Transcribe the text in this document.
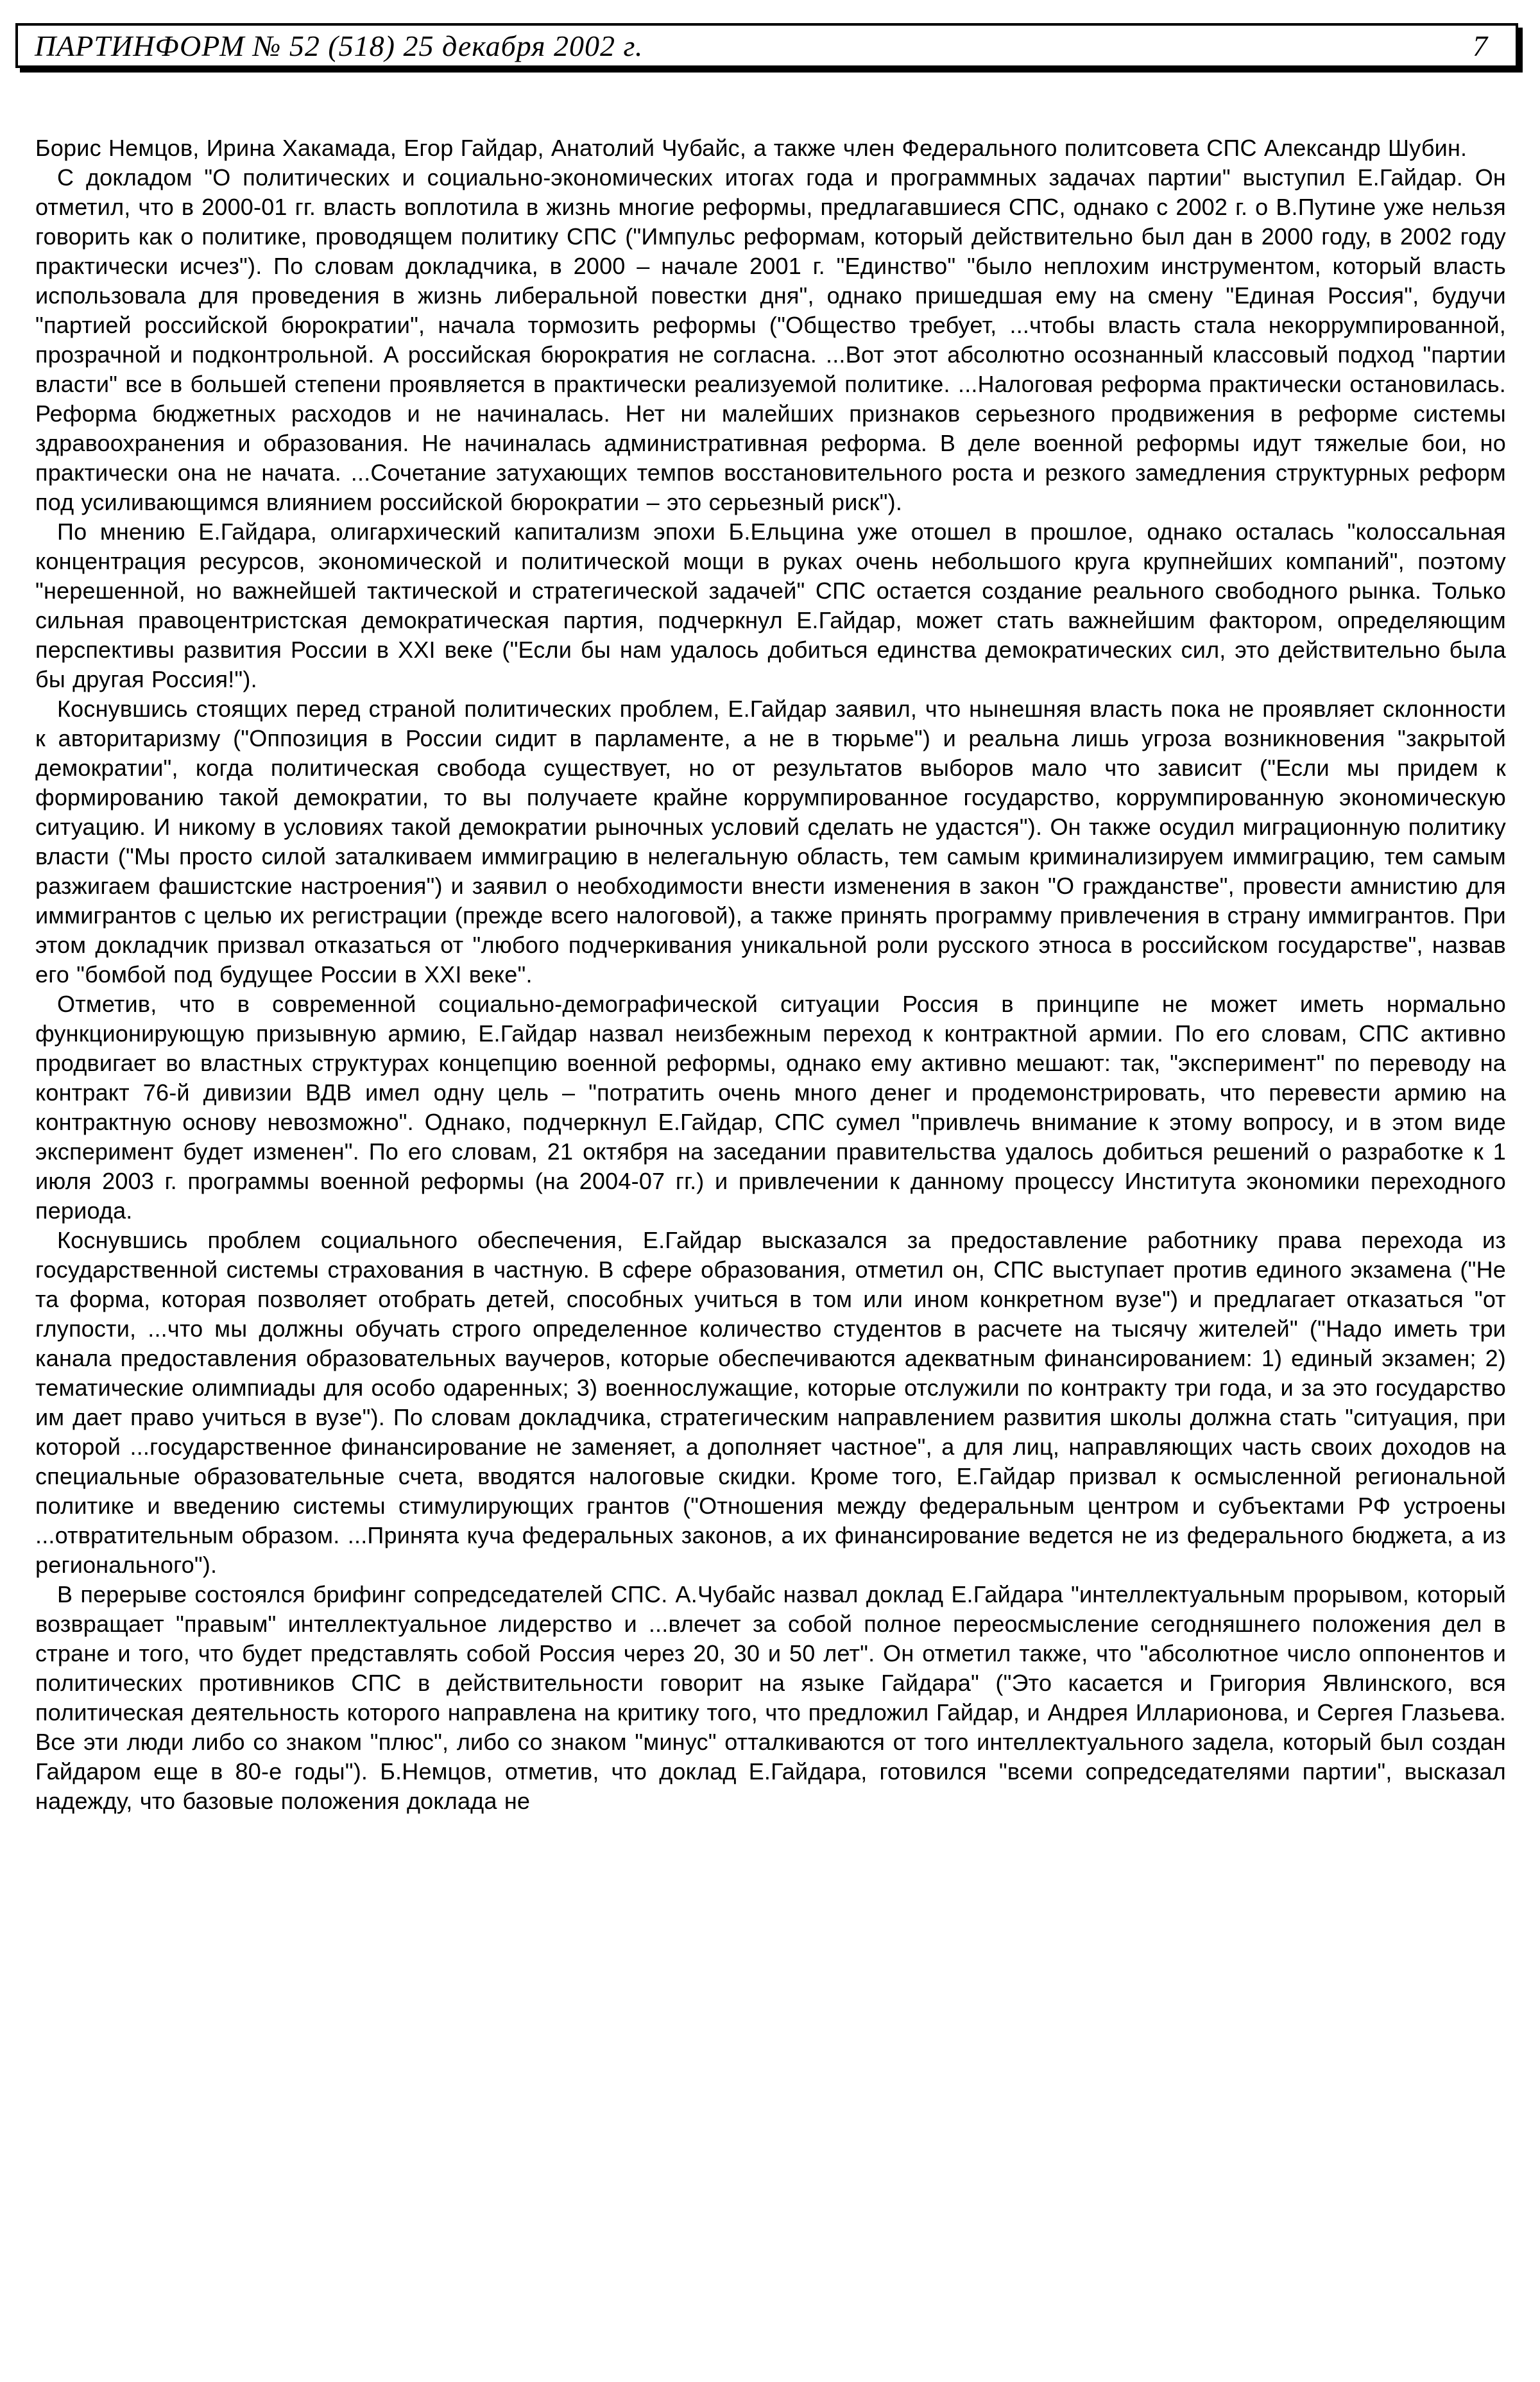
ПАРТИНФОРМ № 52 (518) 25 декабря 2002 г.	7

Борис Немцов, Ирина Хакамада, Егор Гайдар, Анатолий Чубайс, а также член Федерального политсовета СПС Александр Шубин.

С докладом "О политических и социально-экономических итогах года и программных задачах партии" выступил Е.Гайдар. Он отметил, что в 2000-01 гг. власть воплотила в жизнь многие реформы, предлагавшиеся СПС, однако с 2002 г. о В.Путине уже нельзя говорить как о политике, проводящем политику СПС ("Импульс реформам, который действительно был дан в 2000 году, в 2002 году практически исчез"). По словам докладчика, в 2000 – начале 2001 г. "Единство" "было неплохим инструментом, который власть использовала для проведения в жизнь либеральной повестки дня", однако пришедшая ему на смену "Единая Россия", будучи "партией российской бюрократии", начала тормозить реформы ("Общество требует, ...чтобы власть стала некоррумпированной, прозрачной и подконтрольной. А российская бюрократия не согласна. ...Вот этот абсолютно осознанный классовый подход "партии власти" все в большей степени проявляется в практически реализуемой политике. ...Налоговая реформа практически остановилась. Реформа бюджетных расходов и не начиналась. Нет ни малейших признаков серьезного продвижения в реформе системы здравоохранения и образования. Не начиналась административная реформа. В деле военной реформы идут тяжелые бои, но практически она не начата. ...Сочетание затухающих темпов восстановительного роста и резкого замедления структурных реформ под усиливающимся влиянием российской бюрократии – это серьезный риск").

По мнению Е.Гайдара, олигархический капитализм эпохи Б.Ельцина уже отошел в прошлое, однако осталась "колоссальная концентрация ресурсов, экономической и политической мощи в руках очень небольшого круга крупнейших компаний", поэтому "нерешенной, но важнейшей тактической и стратегической задачей" СПС остается создание реального свободного рынка. Только сильная правоцентристская демократическая партия, подчеркнул Е.Гайдар, может стать важнейшим фактором, определяющим перспективы развития России в XXI веке ("Если бы нам удалось добиться единства демократических сил, это действительно была бы другая Россия!").

Коснувшись стоящих перед страной политических проблем, Е.Гайдар заявил, что нынешняя власть пока не проявляет склонности к авторитаризму ("Оппозиция в России сидит в парламенте, а не в тюрьме") и реальна лишь угроза возникновения "закрытой демократии", когда политическая свобода существует, но от результатов выборов мало что зависит ("Если мы придем к формированию такой демократии, то вы получаете крайне коррумпированное государство, коррумпированную экономическую ситуацию. И никому в условиях такой демократии рыночных условий сделать не удастся"). Он также осудил миграционную политику власти ("Мы просто силой заталкиваем иммиграцию в нелегальную область, тем самым криминализируем иммиграцию, тем самым разжигаем фашистские настроения") и заявил о необходимости внести изменения в закон "О гражданстве", провести амнистию для иммигрантов с целью их регистрации (прежде всего налоговой), а также принять программу привлечения в страну иммигрантов. При этом докладчик призвал отказаться от "любого подчеркивания уникальной роли русского этноса в российском государстве", назвав его "бомбой под будущее России в XXI веке".

Отметив, что в современной социально-демографической ситуации Россия в принципе не может иметь нормально функционирующую призывную армию, Е.Гайдар назвал неизбежным переход к контрактной армии. По его словам, СПС активно продвигает во властных структурах концепцию военной реформы, однако ему активно мешают: так, "эксперимент" по переводу на контракт 76-й дивизии ВДВ имел одну цель – "потратить очень много денег и продемонстрировать, что перевести армию на контрактную основу невозможно". Однако, подчеркнул Е.Гайдар, СПС сумел "привлечь внимание к этому вопросу, и в этом виде эксперимент будет изменен". По его словам, 21 октября на заседании правительства удалось добиться решений о разработке к 1 июля 2003 г. программы военной реформы (на 2004-07 гг.) и привлечении к данному процессу Института экономики переходного периода.

Коснувшись проблем социального обеспечения, Е.Гайдар высказался за предоставление работнику права перехода из государственной системы страхования в частную. В сфере образования, отметил он, СПС выступает против единого экзамена ("Не та форма, которая позволяет отобрать детей, способных учиться в том или ином конкретном вузе") и предлагает отказаться "от глупости, ...что мы должны обучать строго определенное количество студентов в расчете на тысячу жителей" ("Надо иметь три канала предоставления образовательных ваучеров, которые обеспечиваются адекватным финансированием: 1) единый экзамен; 2) тематические олимпиады для особо одаренных; 3) военнослужащие, которые отслужили по контракту три года, и за это государство им дает право учиться в вузе"). По словам докладчика, стратегическим направлением развития школы должна стать "ситуация, при которой ...государственное финансирование не заменяет, а дополняет частное", а для лиц, направляющих часть своих доходов на специальные образовательные счета, вводятся налоговые скидки. Кроме того, Е.Гайдар призвал к осмысленной региональной политике и введению системы стимулирующих грантов ("Отношения между федеральным центром и субъектами РФ устроены ...отвратительным образом. ...Принята куча федеральных законов, а их финансирование ведется не из федерального бюджета, а из регионального").

В перерыве состоялся брифинг сопредседателей СПС. А.Чубайс назвал доклад Е.Гайдара "интеллектуальным прорывом, который возвращает "правым" интеллектуальное лидерство и ...влечет за собой полное переосмысление сегодняшнего положения дел в стране и того, что будет представлять собой Россия через 20, 30 и 50 лет". Он отметил также, что "абсолютное число оппонентов и политических противников СПС в действительности говорит на языке Гайдара" ("Это касается и Григория Явлинского, вся политическая деятельность которого направлена на критику того, что предложил Гайдар, и Андрея Илларионова, и Сергея Глазьева. Все эти люди либо со знаком "плюс", либо со знаком "минус" отталкиваются от того интеллектуального задела, который был создан Гайдаром еще в 80-е годы"). Б.Немцов, отметив, что доклад Е.Гайдара, готовился "всеми сопредседателями партии", высказал надежду, что базовые положения доклада не
